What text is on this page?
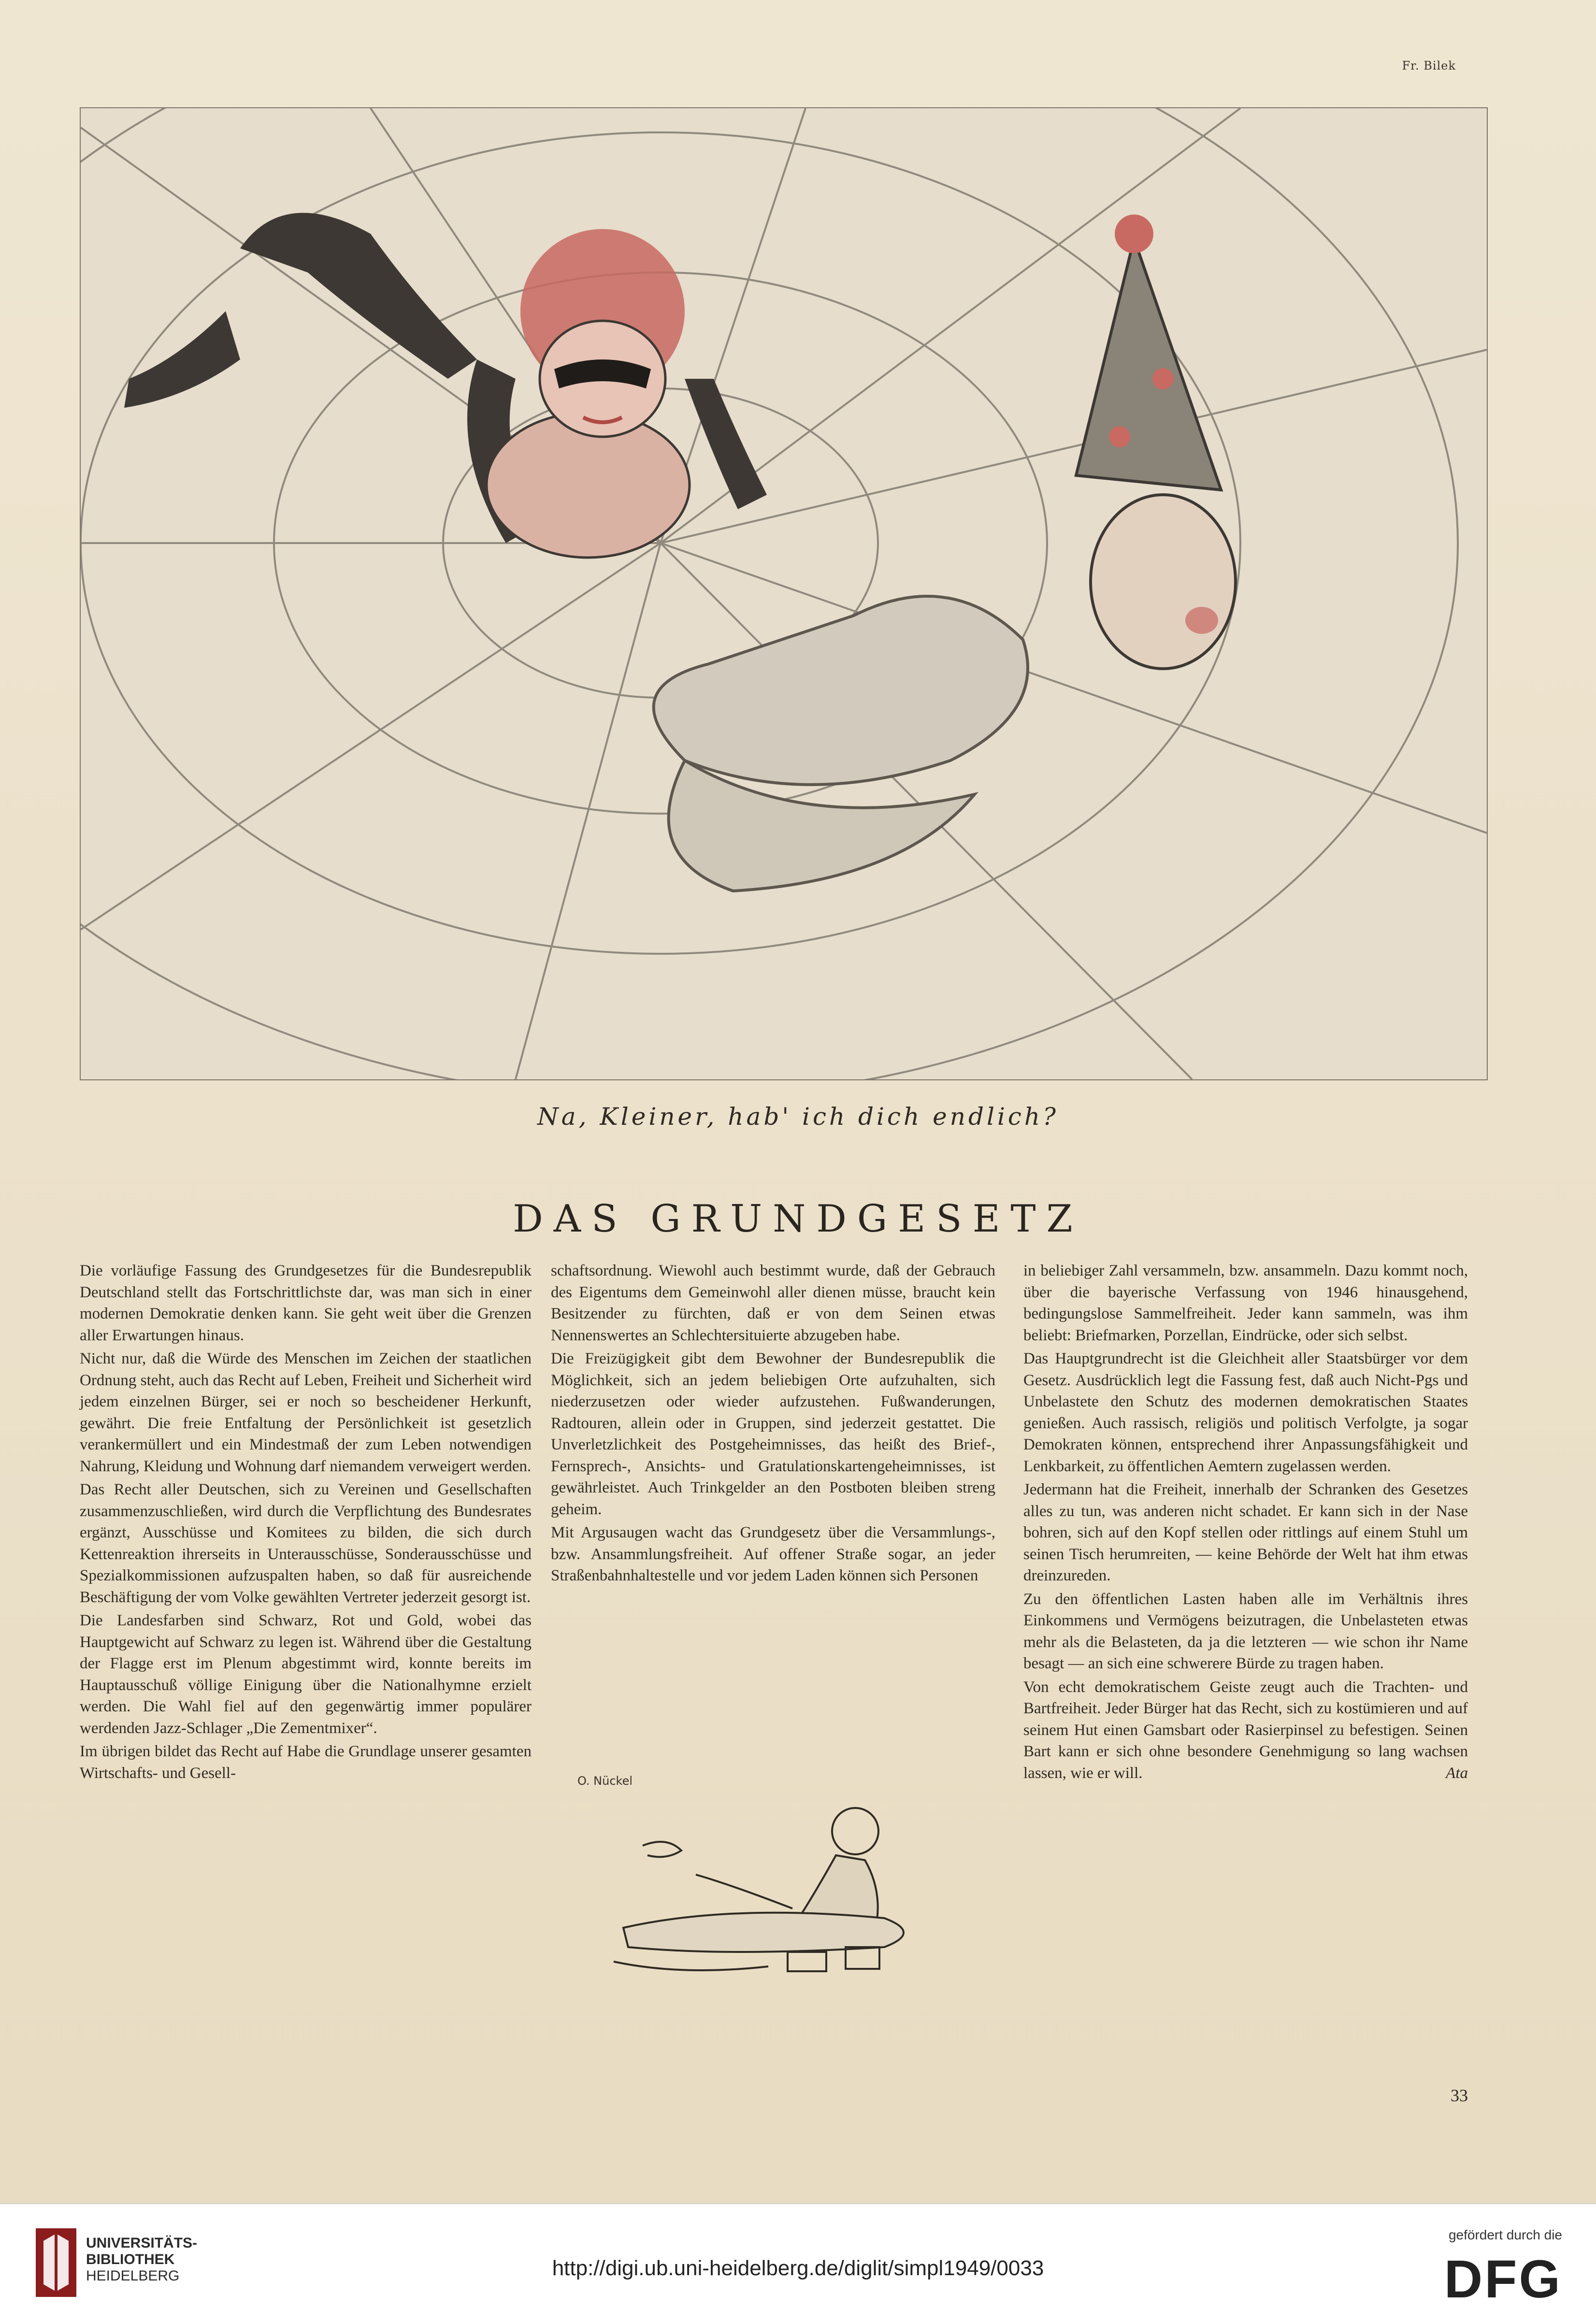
Fr. Bilek
Na, Kleiner, hab' ich dich endlich?
DAS GRUNDGESETZ

Die vorläufige Fassung des Grundgesetzes für die Bundesrepublik Deutschland stellt das Fortschrittlichste dar, was man sich in einer modernen Demokratie denken kann. Sie geht weit über die Grenzen aller Erwartungen hinaus.

Nicht nur, daß die Würde des Menschen im Zeichen der staatlichen Ordnung steht, auch das Recht auf Leben, Freiheit und Sicherheit wird jedem einzelnen Bürger, sei er noch so bescheidener Herkunft, gewährt. Die freie Entfaltung der Persönlichkeit ist gesetzlich verankermüllert und ein Mindestmaß der zum Leben notwendigen Nahrung, Kleidung und Wohnung darf niemandem verweigert werden.

Das Recht aller Deutschen, sich zu Vereinen und Gesellschaften zusammenzuschließen, wird durch die Verpflichtung des Bundesrates ergänzt, Ausschüsse und Komitees zu bilden, die sich durch Kettenreaktion ihrerseits in Unterausschüsse, Sonderausschüsse und Spezialkommissionen aufzuspalten haben, so daß für ausreichende Beschäftigung der vom Volke gewählten Vertreter jederzeit gesorgt ist.

Die Landesfarben sind Schwarz, Rot und Gold, wobei das Hauptgewicht auf Schwarz zu legen ist. Während über die Gestaltung der Flagge erst im Plenum abgestimmt wird, konnte bereits im Hauptausschuß völlige Einigung über die Nationalhymne erzielt werden. Die Wahl fiel auf den gegenwärtig immer populärer werdenden Jazz-Schlager „Die Zementmixer“.

Im übrigen bildet das Recht auf Habe die Grundlage unserer gesamten Wirtschafts- und Gesell-

schaftsordnung. Wiewohl auch bestimmt wurde, daß der Gebrauch des Eigentums dem Gemeinwohl aller dienen müsse, braucht kein Besitzender zu fürchten, daß er von dem Seinen etwas Nennenswertes an Schlechtersituierte abzugeben habe.

Die Freizügigkeit gibt dem Bewohner der Bundesrepublik die Möglichkeit, sich an jedem beliebigen Orte aufzuhalten, sich niederzusetzen oder wieder aufzustehen. Fußwanderungen, Radtouren, allein oder in Gruppen, sind jederzeit gestattet. Die Unverletzlichkeit des Postgeheimnisses, das heißt des Brief-, Fernsprech-, Ansichts- und Gratulationskartengeheimnisses, ist gewährleistet. Auch Trinkgelder an den Postboten bleiben streng geheim.

Mit Argusaugen wacht das Grundgesetz über die Versammlungs-, bzw. Ansammlungsfreiheit. Auf offener Straße sogar, an jeder Straßenbahnhaltestelle und vor jedem Laden können sich Personen

O. Nückel

in beliebiger Zahl versammeln, bzw. ansammeln. Dazu kommt noch, über die bayerische Verfassung von 1946 hinausgehend, bedingungslose Sammelfreiheit. Jeder kann sammeln, was ihm beliebt: Briefmarken, Porzellan, Eindrücke, oder sich selbst.

Das Hauptgrundrecht ist die Gleichheit aller Staatsbürger vor dem Gesetz. Ausdrücklich legt die Fassung fest, daß auch Nicht-Pgs und Unbelastete den Schutz des modernen demokratischen Staates genießen. Auch rassisch, religiös und politisch Verfolgte, ja sogar Demokraten können, entsprechend ihrer Anpassungsfähigkeit und Lenkbarkeit, zu öffentlichen Aemtern zugelassen werden.

Jedermann hat die Freiheit, innerhalb der Schranken des Gesetzes alles zu tun, was anderen nicht schadet. Er kann sich in der Nase bohren, sich auf den Kopf stellen oder rittlings auf einem Stuhl um seinen Tisch herumreiten, — keine Behörde der Welt hat ihm etwas dreinzureden.

Zu den öffentlichen Lasten haben alle im Verhältnis ihres Einkommens und Vermögens beizutragen, die Unbelasteten etwas mehr als die Belasteten, da ja die letzteren — wie schon ihr Name besagt — an sich eine schwerere Bürde zu tragen haben.

Von echt demokratischem Geiste zeugt auch die Trachten- und Bartfreiheit. Jeder Bürger hat das Recht, sich zu kostümieren und auf seinem Hut einen Gamsbart oder Rasierpinsel zu befestigen. Seinen Bart kann er sich ohne besondere Genehmigung so lang wachsen lassen, wie er will.	Ata

33
UNIVERSITÄTS-
BIBLIOTHEK
HEIDELBERG	http://digi.ub.uni-heidelberg.de/diglit/simpl1949/0033
gefördert durch die
DFG
